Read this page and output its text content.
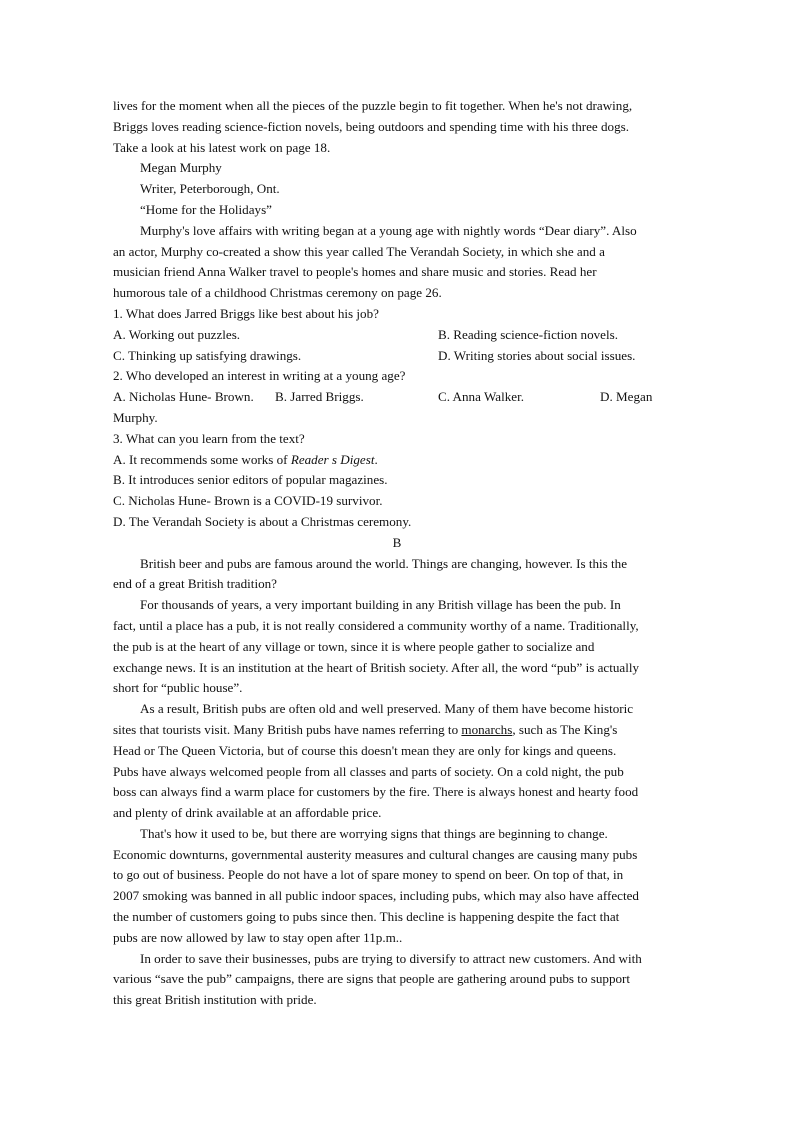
lives for the moment when all the pieces of the puzzle begin to fit together. When he's not drawing,
Briggs loves reading science-fiction novels, being outdoors and spending time with his three dogs.
Take a look at his latest work on page 18.
Megan Murphy
Writer, Peterborough, Ont.
“Home for the Holidays”
Murphy's love affairs with writing began at a young age with nightly words “Dear diary”. Also
an actor, Murphy co-created a show this year called The Verandah Society, in which she and a
musician friend Anna Walker travel to people's homes and share music and stories. Read her
humorous tale of a childhood Christmas ceremony on page 26.
1. What does Jarred Briggs like best about his job?
A. Working out puzzles.	B. Reading science-fiction novels.
C. Thinking up satisfying drawings.	D. Writing stories about social issues.
2. Who developed an interest in writing at a young age?
A. Nicholas Hune- Brown. B. Jarred Briggs.	C. Anna Walker.	D. Megan
Murphy.
3. What can you learn from the text?
A. It recommends some works of Reader s Digest.
B. It introduces senior editors of popular magazines.
C. Nicholas Hune- Brown is a COVID-19 survivor.
D. The Verandah Society is about a Christmas ceremony.
B
British beer and pubs are famous around the world. Things are changing, however. Is this the
end of a great British tradition?
For thousands of years, a very important building in any British village has been the pub. In
fact, until a place has a pub, it is not really considered a community worthy of a name. Traditionally,
the pub is at the heart of any village or town, since it is where people gather to socialize and
exchange news. It is an institution at the heart of British society. After all, the word “pub” is actually
short for “public house”.
As a result, British pubs are often old and well preserved. Many of them have become historic
sites that tourists visit. Many British pubs have names referring to monarchs, such as The King's
Head or The Queen Victoria, but of course this doesn't mean they are only for kings and queens.
Pubs have always welcomed people from all classes and parts of society. On a cold night, the pub
boss can always find a warm place for customers by the fire. There is always honest and hearty food
and plenty of drink available at an affordable price.
That's how it used to be, but there are worrying signs that things are beginning to change.
Economic downturns, governmental austerity measures and cultural changes are causing many pubs
to go out of business. People do not have a lot of spare money to spend on beer. On top of that, in
2007 smoking was banned in all public indoor spaces, including pubs, which may also have affected
the number of customers going to pubs since then. This decline is happening despite the fact that
pubs are now allowed by law to stay open after 11p.m..
In order to save their businesses, pubs are trying to diversify to attract new customers. And with
various “save the pub” campaigns, there are signs that people are gathering around pubs to support
this great British institution with pride.
